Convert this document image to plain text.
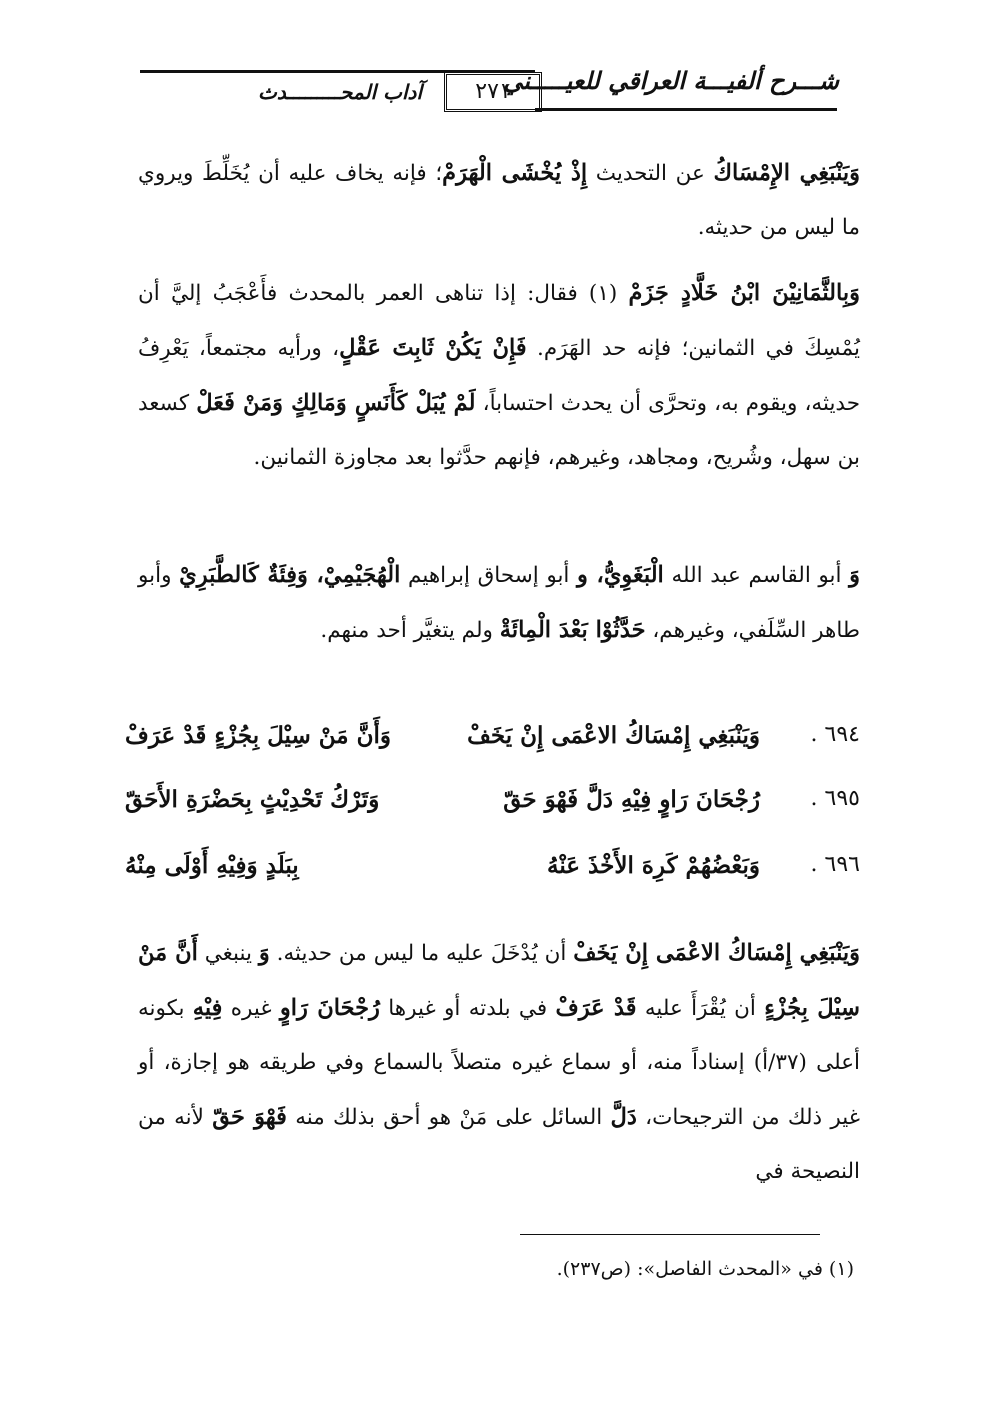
شـــرح ألفيـــة العراقي للعيـــــني
٢٧١
آداب المحـــــــــدث
وَيَنْبَغِي الإِمْسَاكُ عن التحديث إِذْ يُخْشَى الْهَرَمْ؛ فإنه يخاف عليه أن يُخَلِّطَ ويروي ما ليس من حديثه.
وَبِالثَّمَانِيْنَ ابْنُ خَلَّادٍ جَزَمْ (١) فقال: إذا تناهى العمر بالمحدث فأَعْجَبُ إليَّ أن يُمْسِكَ في الثمانين؛ فإنه حد الهَرَم. فَإِنْ يَكُنْ ثَابِتَ عَقْلٍ، ورأيه مجتمعاً، يَعْرِفُ حديثه، ويقوم به، وتحرَّى أن يحدث احتساباً، لَمْ يُبَلْ كَأَنَسٍ وَمَالِكٍ وَمَنْ فَعَلْ كسعد بن سهل، وشُريح، ومجاهد، وغيرهم، فإنهم حدَّثوا بعد مجاوزة الثمانين.
وَ أبو القاسم عبد الله الْبَغَوِيُّ، و أبو إسحاق إبراهيم الْهُجَيْمِيْ، وَفِئَةٌ كَالطَّبَرِيْ وأبو طاهر السِّلَفي، وغيرهم، حَدَّثُوْا بَعْدَ الْمِائَةْ ولم يتغيَّر أحد منهم.
٦٩٤ .
وَيَنْبَغِي إِمْسَاكُ الاعْمَى إِنْ يَخَفْ
وَأَنَّ مَنْ سِيْلَ بِجُزْءٍ قَدْ عَرَفْ
٦٩٥ .
رُجْحَانَ رَاوٍ فِيْهِ دَلَّ فَهْوَ حَقّ
وَتَرْكُ تَحْدِيْثٍ بِحَضْرَةِ الأَحَقّ
٦٩٦ .
وَبَعْضُهُمْ كَرِهَ الأَخْذَ عَنْهُ
بِبَلَدٍ وَفِيْهِ أَوْلَى مِنْهُ
وَيَنْبَغِي إِمْسَاكُ الاعْمَى إِنْ يَخَفْ أن يُدْخَلَ عليه ما ليس من حديثه. وَ ينبغي أَنَّ مَنْ سِيْلَ بِجُزْءٍ أن يُقْرَأَ عليه قَدْ عَرَفْ في بلدته أو غيرها رُجْحَانَ رَاوٍ غيره فِيْهِ بكونه أعلى (٣٧/أ) إسناداً منه، أو سماع غيره متصلاً بالسماع وفي طريقه هو إجازة، أو غير ذلك من الترجيحات، دَلَّ السائل على مَنْ هو أحق بذلك منه فَهْوَ حَقّ لأنه من النصيحة في
(١) في «المحدث الفاصل»: (ص٢٣٧).
